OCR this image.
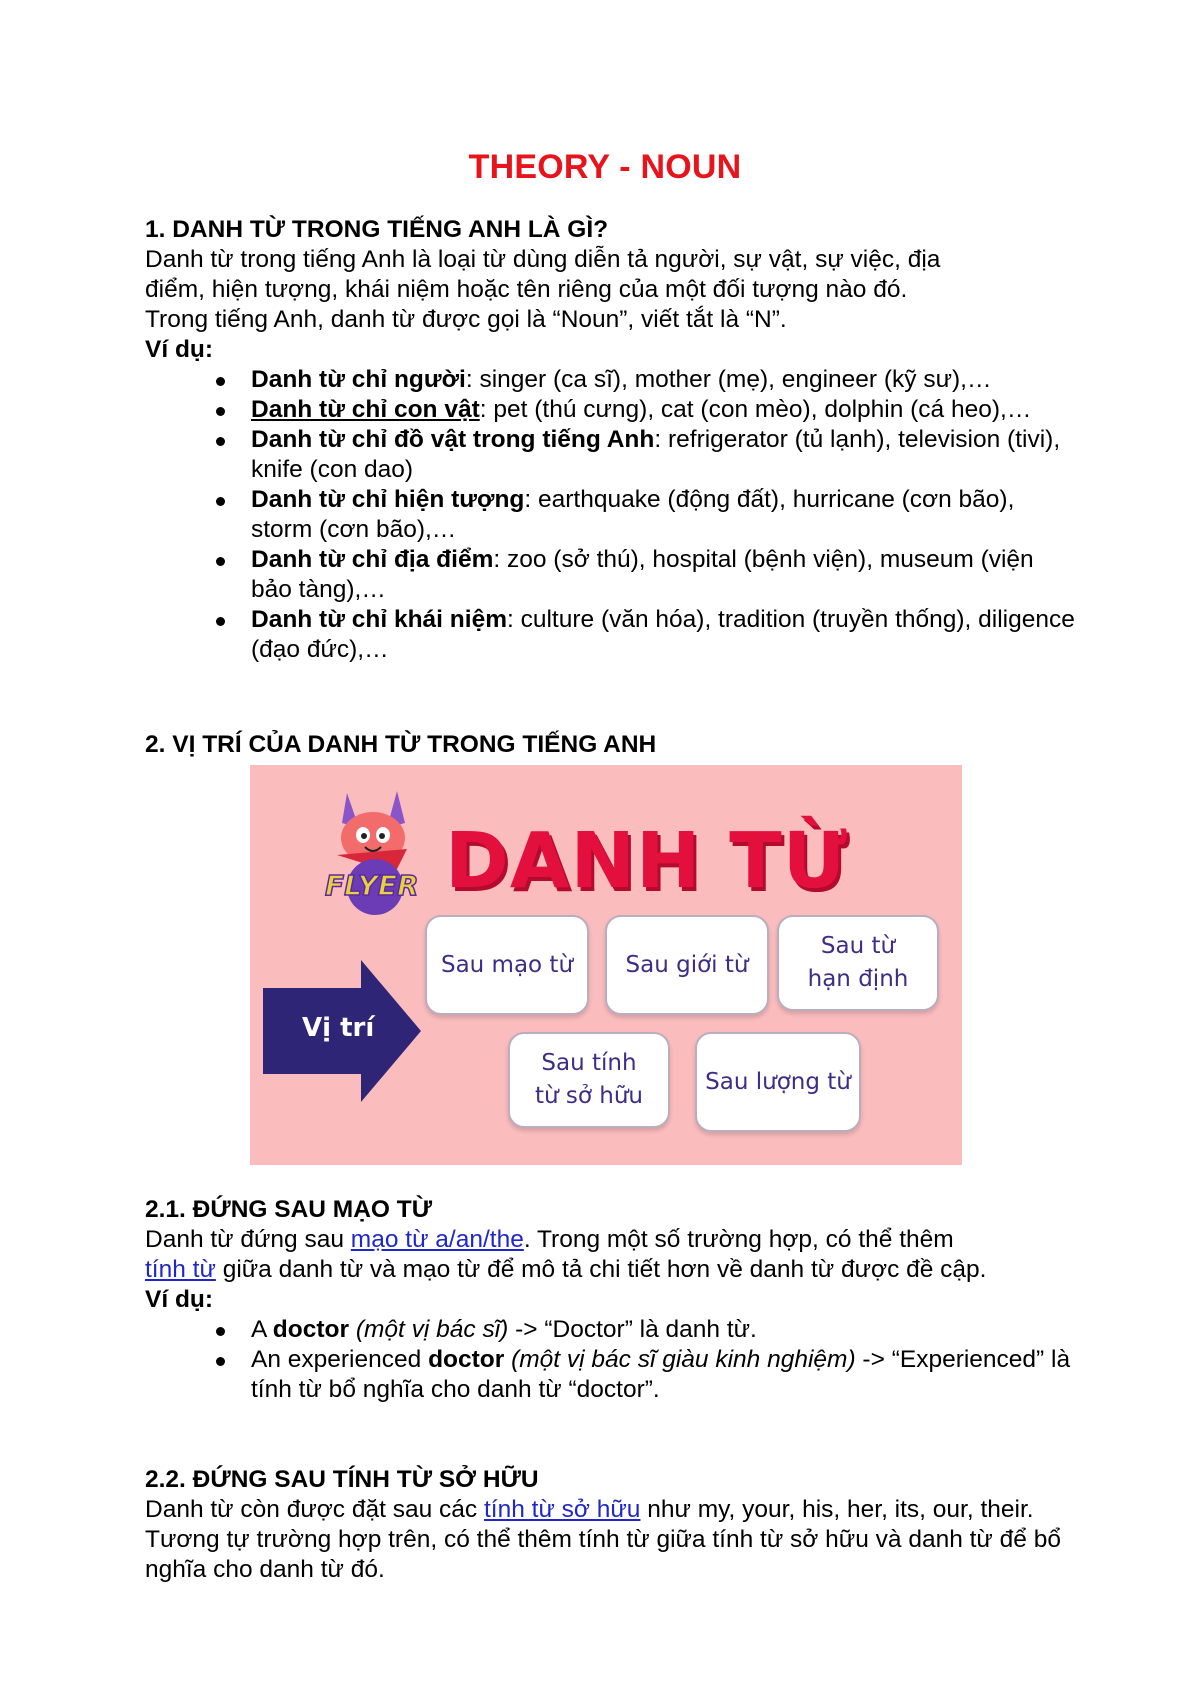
THEORY - NOUN
1. DANH TỪ TRONG TIẾNG ANH LÀ GÌ?
Danh từ trong tiếng Anh là loại từ dùng diễn tả người, sự vật, sự việc, địa
điểm, hiện tượng, khái niệm hoặc tên riêng của một đối tượng nào đó.
Trong tiếng Anh, danh từ được gọi là “Noun”, viết tắt là “N”.
Ví dụ:
Danh từ chỉ người: singer (ca sĩ), mother (mẹ), engineer (kỹ sư),…
Danh từ chỉ con vật: pet (thú cưng), cat (con mèo), dolphin (cá heo),…
Danh từ chỉ đồ vật trong tiếng Anh: refrigerator (tủ lạnh), television (tivi), knife (con dao)
Danh từ chỉ hiện tượng: earthquake (động đất), hurricane (cơn bão), storm (cơn bão),…
Danh từ chỉ địa điểm: zoo (sở thú), hospital (bệnh viện), museum (viện bảo tàng),…
Danh từ chỉ khái niệm: culture (văn hóa), tradition (truyền thống), diligence (đạo đức),…
2. VỊ TRÍ CỦA DANH TỪ TRONG TIẾNG ANH
FLYER DANH TỪ
Vị trí
Sau mạo từ Sau giới từ
Sau từ hạn định
Sau tính từ sở hữu
Sau lượng từ
2.1. ĐỨNG SAU MẠO TỪ
Danh từ đứng sau mạo từ a/an/the. Trong một số trường hợp, có thể thêm
tính từ giữa danh từ và mạo từ để mô tả chi tiết hơn về danh từ được đề cập.
Ví dụ:
A doctor (một vị bác sĩ) -> “Doctor” là danh từ.
An experienced doctor (một vị bác sĩ giàu kinh nghiệm) -> “Experienced” là tính từ bổ nghĩa cho danh từ “doctor”.
2.2. ĐỨNG SAU TÍNH TỪ SỞ HỮU
Danh từ còn được đặt sau các tính từ sở hữu như my, your, his, her, its, our, their. Tương tự trường hợp trên, có thể thêm tính từ giữa tính từ sở hữu và danh từ để bổ nghĩa cho danh từ đó.
